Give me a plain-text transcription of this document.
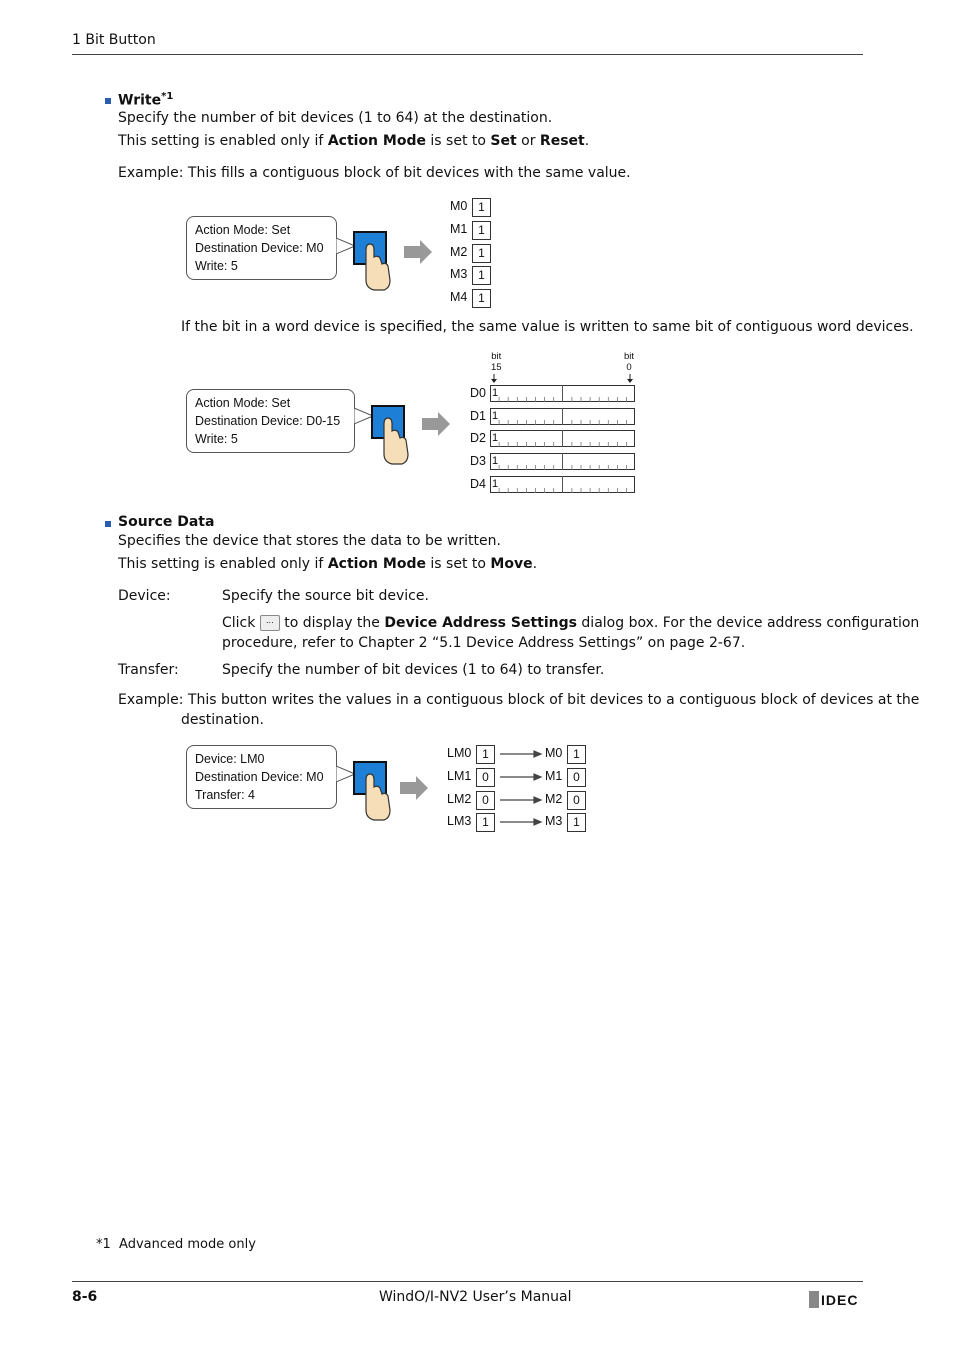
1 Bit Button
Write$^{*1}$
Specify the number of bit devices (1 to 64) at the destination.
This setting is enabled only if Action Mode is set to Set or Reset.
Example: This fills a contiguous block of bit devices with the same value.
Action Mode: Set
Destination Device: M0
Write: 5
M0 1
M1 1
M2 1
M3 1
M4 1
If the bit in a word device is specified, the same value is written to same bit of contiguous word devices.
Action Mode: Set
Destination Device: D0-15
Write: 5
bit
15
bit
0
D0 1
D1 1
D2 1
D3 1
D4 1
Source Data
Specifies the device that stores the data to be written.
This setting is enabled only if Action Mode is set to Move.
Device:	Specify the source bit device.
Click ... to display the Device Address Settings dialog box. For the device address configuration
procedure, refer to Chapter 2 “5.1 Device Address Settings” on page 2-67.
Transfer:	Specify the number of bit devices (1 to 64) to transfer.
Example: This button writes the values in a contiguous block of bit devices to a contiguous block of devices at the
destination.
Device: LM0
Destination Device: M0
Transfer: 4
LM0 1	M0 1
LM1 0	M1 0
LM2 0	M2 0
LM3 1	M3 1
*1 Advanced mode only
8-6	WindO/I-NV2 User’s Manual	IDEC
